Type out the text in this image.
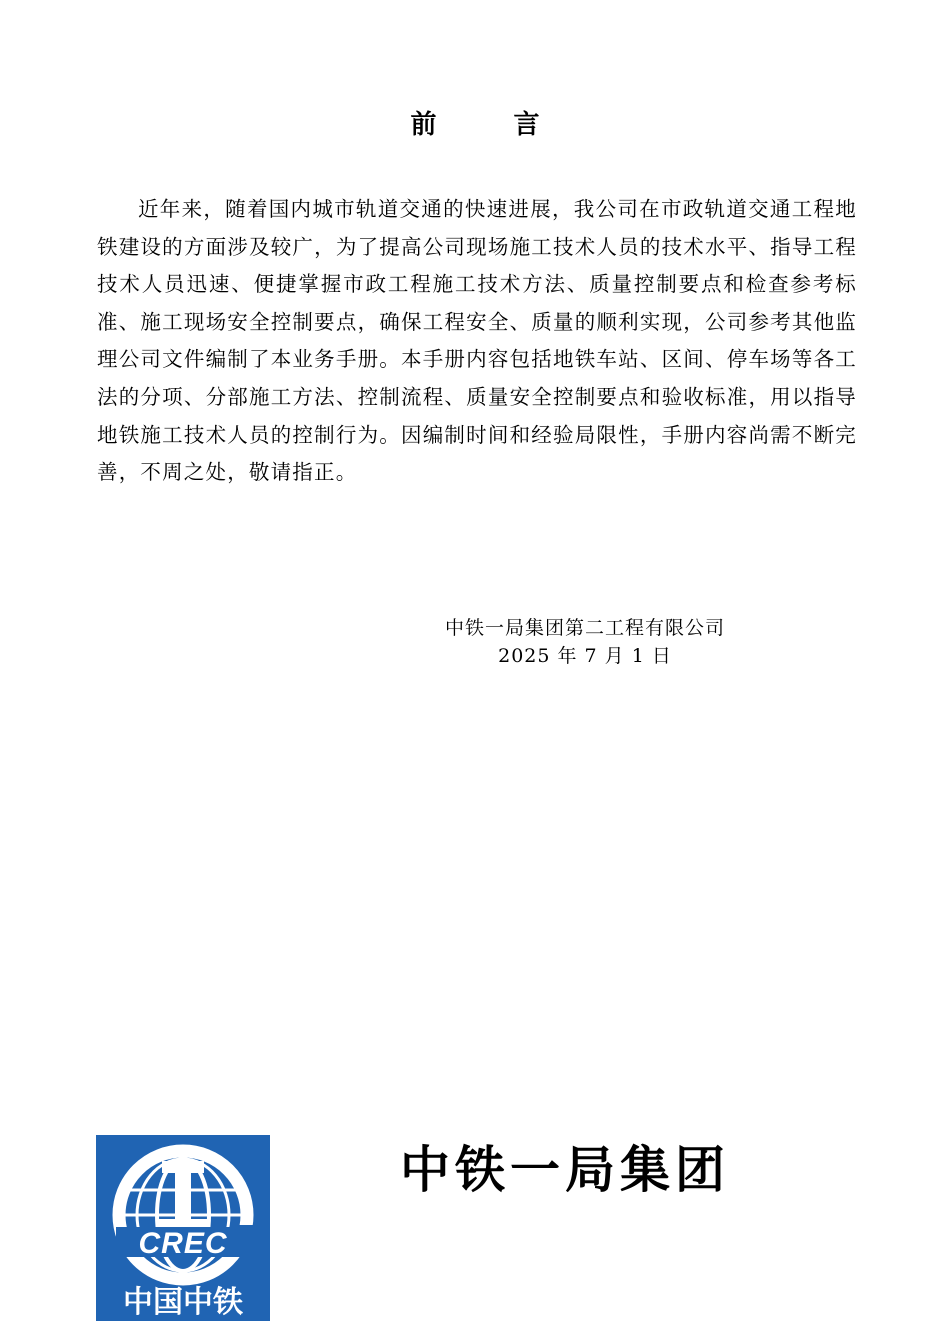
前 言

近年来，随着国内城市轨道交通的快速进展，我公司在市政轨道交通工程地铁建设的方面涉及较广，为了提高公司现场施工技术人员的技术水平、指导工程技术人员迅速、便捷掌握市政工程施工技术方法、质量控制要点和检查参考标准、施工现场安全控制要点，确保工程安全、质量的顺利实现，公司参考其他监理公司文件编制了本业务手册。本手册内容包括地铁车站、区间、停车场等各工法的分项、分部施工方法、控制流程、质量安全控制要点和验收标准，用以指导地铁施工技术人员的控制行为。因编制时间和经验局限性，手册内容尚需不断完善，不周之处，敬请指正。

中铁一局集团第二工程有限公司
2025 年 7 月 1 日
CREC
中国中铁
中铁一局集团
